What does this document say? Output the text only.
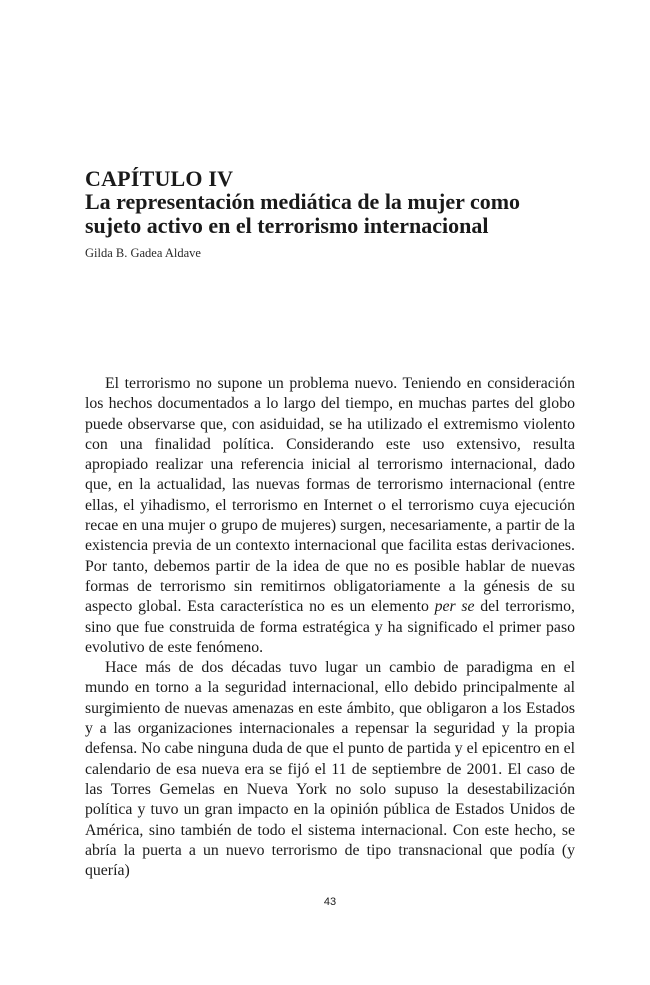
CAPÍTULO IV
La representación mediática de la mujer como sujeto activo en el terrorismo internacional
Gilda B. Gadea Aldave

El terrorismo no supone un problema nuevo. Teniendo en consideración los hechos documentados a lo largo del tiempo, en muchas partes del globo puede observarse que, con asiduidad, se ha utilizado el extremismo violento con una finalidad política. Considerando este uso extensivo, resulta apropiado realizar una referencia inicial al terrorismo internacional, dado que, en la actualidad, las nuevas formas de terrorismo internacional (entre ellas, el yihadismo, el terrorismo en Internet o el terrorismo cuya ejecución recae en una mujer o grupo de mujeres) surgen, necesariamente, a partir de la existencia previa de un contexto internacional que facilita estas derivaciones. Por tanto, debemos partir de la idea de que no es posible hablar de nuevas formas de terrorismo sin remitirnos obligatoriamente a la génesis de su aspecto global. Esta característica no es un elemento per se del terrorismo, sino que fue construida de forma estratégica y ha significado el primer paso evolutivo de este fenómeno.

Hace más de dos décadas tuvo lugar un cambio de paradigma en el mundo en torno a la seguridad internacional, ello debido principalmente al surgimiento de nuevas amenazas en este ámbito, que obligaron a los Estados y a las organizaciones internacionales a repensar la seguridad y la propia defensa. No cabe ninguna duda de que el punto de partida y el epicentro en el calendario de esa nueva era se fijó el 11 de septiembre de 2001. El caso de las Torres Gemelas en Nueva York no solo supuso la desestabilización política y tuvo un gran impacto en la opinión pública de Estados Unidos de América, sino también de todo el sistema internacional. Con este hecho, se abría la puerta a un nuevo terrorismo de tipo transnacional que podía (y quería)

43
